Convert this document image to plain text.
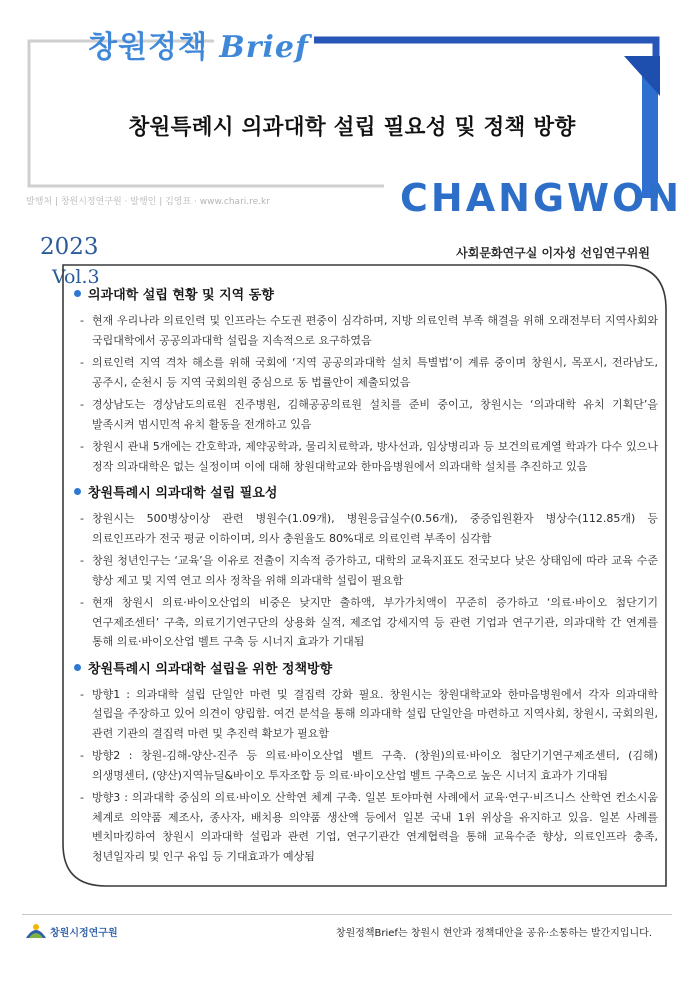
창원정책 Brief
창원특례시 의과대학 설립 필요성 및 정책 방향
발행처 | 창원시정연구원 · 발행인 | 김영표 · www.chari.re.kr	CHANGWON
2023
Vol.3
사회문화연구실 이자성 선임연구위원
의과대학 설립 현황 및 지역 동향
- 현재 우리나라 의료인력 및 인프라는 수도권 편중이 심각하며, 지방 의료인력 부족 해결을 위해 오래전부터 지역사회와 국립대학에서 공공의과대학 설립을 지속적으로 요구하였음
- 의료인력 지역 격차 해소를 위해 국회에 ‘지역 공공의과대학 설치 특별법’이 계류 중이며 창원시, 목포시, 전라남도, 공주시, 순천시 등 지역 국회의원 중심으로 동 법률안이 제출되었음
- 경상남도는 경상남도의료원 진주병원, 김해공공의료원 설치를 준비 중이고, 창원시는 ‘의과대학 유치 기획단’을 발족시켜 범시민적 유치 활동을 전개하고 있음
- 창원시 관내 5개에는 간호학과, 제약공학과, 물리치료학과, 방사선과, 임상병리과 등 보건의료계열 학과가 다수 있으나 정작 의과대학은 없는 실정이며 이에 대해 창원대학교와 한마음병원에서 의과대학 설치를 추진하고 있음
창원특례시 의과대학 설립 필요성
- 창원시는 500병상이상 관련 병원수(1.09개), 병원응급실수(0.56개), 중증입원환자 병상수(112.85개) 등 의료인프라가 전국 평균 이하이며, 의사 충원율도 80%대로 의료인력 부족이 심각함
- 창원 청년인구는 ‘교육’을 이유로 전출이 지속적 증가하고, 대학의 교육지표도 전국보다 낮은 상태임에 따라 교육 수준 향상 제고 및 지역 연고 의사 정착을 위해 의과대학 설립이 필요함
- 현재 창원시 의료·바이오산업의 비중은 낮지만 출하액, 부가가치액이 꾸준히 증가하고 ‘의료·바이오 첨단기기 연구제조센터’ 구축, 의료기기연구단의 상용화 실적, 제조업 강세지역 등 관련 기업과 연구기관, 의과대학 간 연계를 통해 의료·바이오산업 벨트 구축 등 시너지 효과가 기대됨
창원특례시 의과대학 설립을 위한 정책방향
- 방향1 : 의과대학 설립 단일안 마련 및 결집력 강화 필요. 창원시는 창원대학교와 한마음병원에서 각자 의과대학 설립을 주장하고 있어 의견이 양립함. 여건 분석을 통해 의과대학 설립 단일안을 마련하고 지역사회, 창원시, 국회의원, 관련 기관의 결집력 마련 및 추진력 확보가 필요함
- 방향2 : 창원-김해-양산-진주 등 의료·바이오산업 벨트 구축. (창원)의료·바이오 첨단기기연구제조센터, (김해)의생명센터, (양산)지역뉴딜&바이오 투자조합 등 의료·바이오산업 벨트 구축으로 높은 시너지 효과가 기대됨
- 방향3 : 의과대학 중심의 의료·바이오 산학연 체계 구축. 일본 토야마현 사례에서 교육·연구·비즈니스 산학연 컨소시움 체계로 의약품 제조사, 종사자, 배치용 의약품 생산액 등에서 일본 국내 1위 위상을 유지하고 있음. 일본 사례를 벤치마킹하여 창원시 의과대학 설립과 관련 기업, 연구기관간 연계협력을 통해 교육수준 향상, 의료인프라 충족, 청년일자리 및 인구 유입 등 기대효과가 예상됨
창원시정연구원	창원정책Brief는 창원시 현안과 정책대안을 공유·소통하는 발간지입니다.
